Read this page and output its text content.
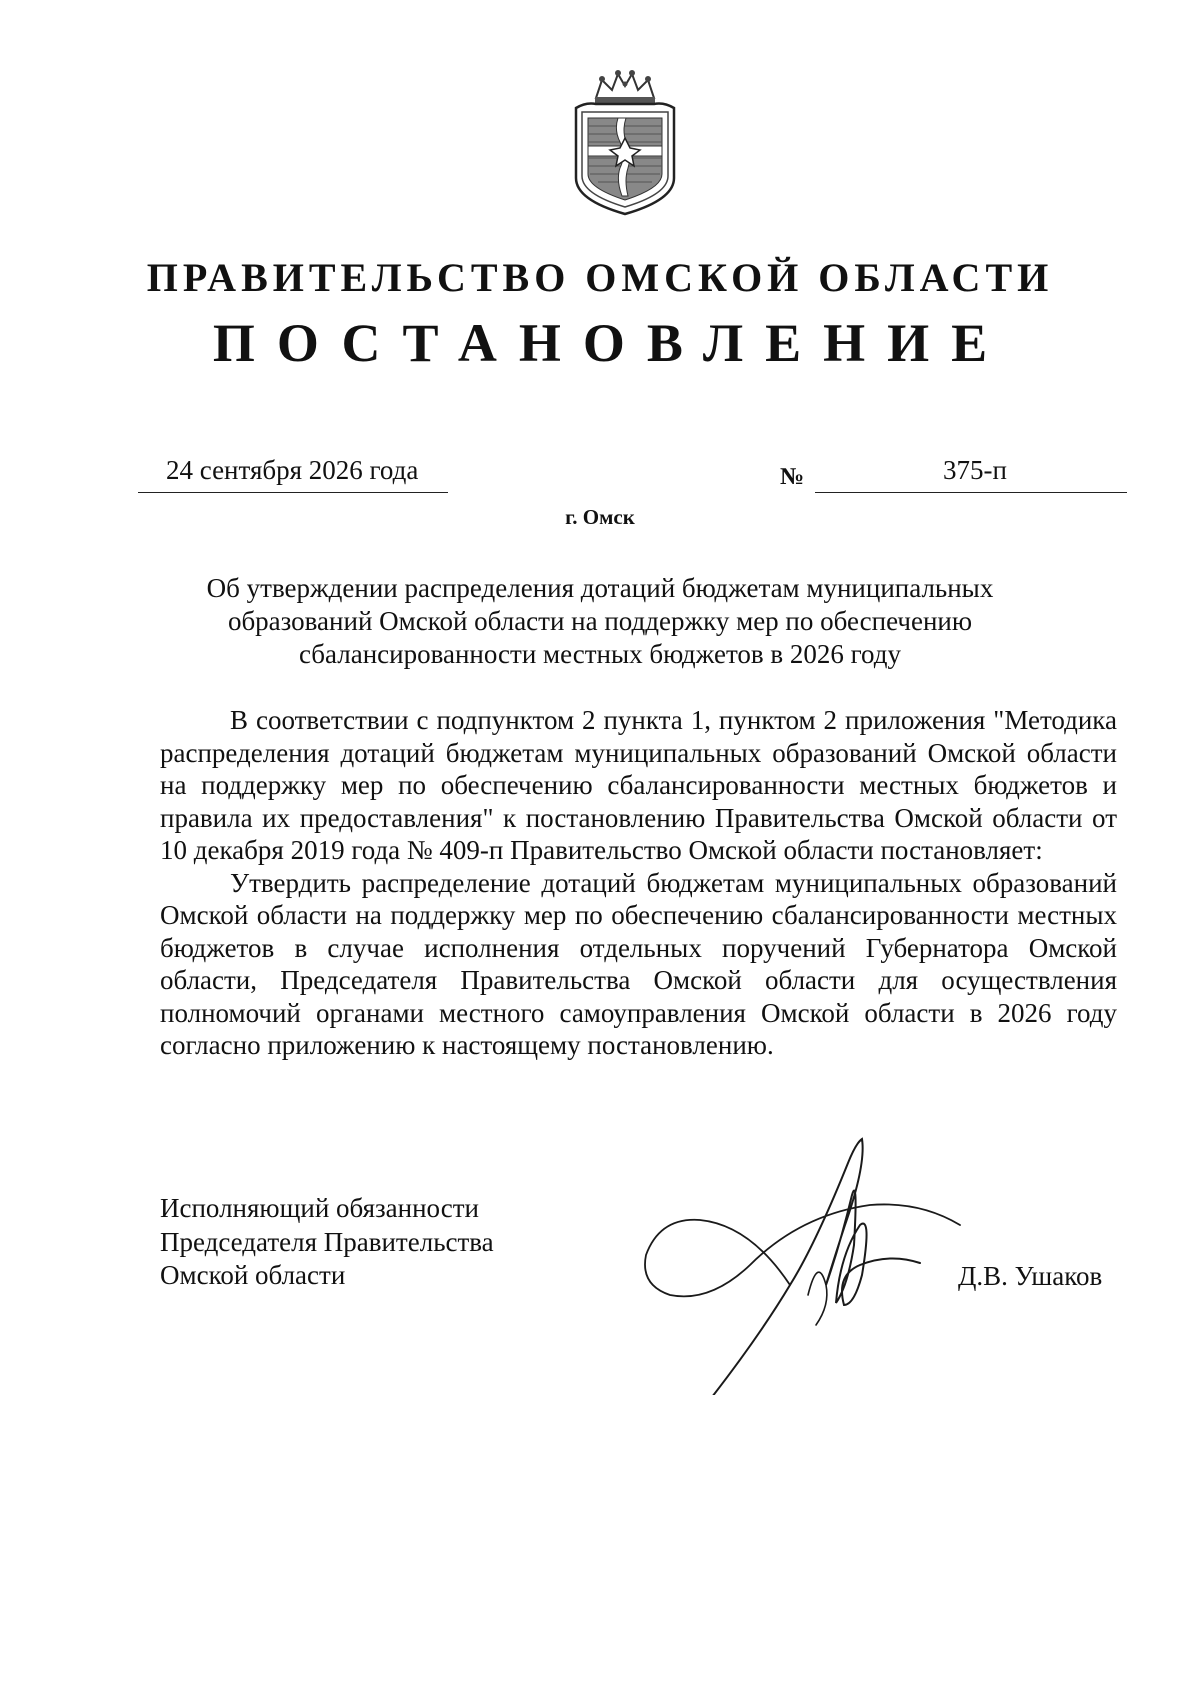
ПРАВИТЕЛЬСТВО ОМСКОЙ ОБЛАСТИ
ПОСТАНОВЛЕНИЕ
24 сентября 2026 года	№	375-п
г. Омск
Об утверждении распределения дотаций бюджетам муниципальных
образований Омской области на поддержку мер по обеспечению
сбалансированности местных бюджетов в 2026 году

В соответствии с подпунктом 2 пункта 1, пунктом 2 приложения "Методика распределения дотаций бюджетам муниципальных образований Омской области на поддержку мер по обеспечению сбалансированности местных бюджетов и правила их предоставления" к постановлению Правительства Омской области от 10 декабря 2019 года № 409-п Правительство Омской области постановляет:

Утвердить распределение дотаций бюджетам муниципальных образований Омской области на поддержку мер по обеспечению сбалансированности местных бюджетов в случае исполнения отдельных поручений Губернатора Омской области, Председателя Правительства Омской области для осуществления полномочий органами местного самоуправления Омской области в 2026 году согласно приложению к настоящему постановлению.

Исполняющий обязанности
Председателя Правительства
Омской области	Д.В. Ушаков
